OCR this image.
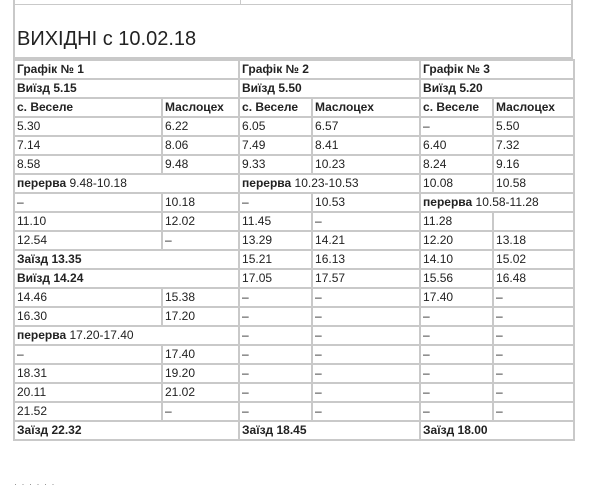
ВИХІДНІ с 10.02.18
Графік № 1		Графік № 2		Графік № 3	
Виїзд 5.15		Виїзд 5.50		Виїзд 5.20	
с. Веселе	Маслоцех	с. Веселе	Маслоцех	с. Веселе	Маслоцех
5.30	6.22	6.05	6.57	–	5.50
7.14	8.06	7.49	8.41	6.40	7.32
8.58	9.48	9.33	10.23	8.24	9.16
перерва 9.48-10.18		перерва 10.23-10.53		10.08	10.58
–	10.18	–	10.53	перерва 10.58-11.28	
11.10	12.02	11.45	–	11.28	
12.54	–	13.29	14.21	12.20	13.18
Заїзд 13.35		15.21	16.13	14.10	15.02
Виїзд 14.24		17.05	17.57	15.56	16.48
14.46	15.38	–	–	17.40	–
16.30	17.20	–	–	–	–
перерва 17.20-17.40		–	–	–	–
–	17.40	–	–	–	–
18.31	19.20	–	–	–	–
20.11	21.02	–	–	–	–
21.52	–	–	–	–	–
Заїзд 22.32		Заїзд 18.45		Заїзд 18.00	
· · · · · ·
